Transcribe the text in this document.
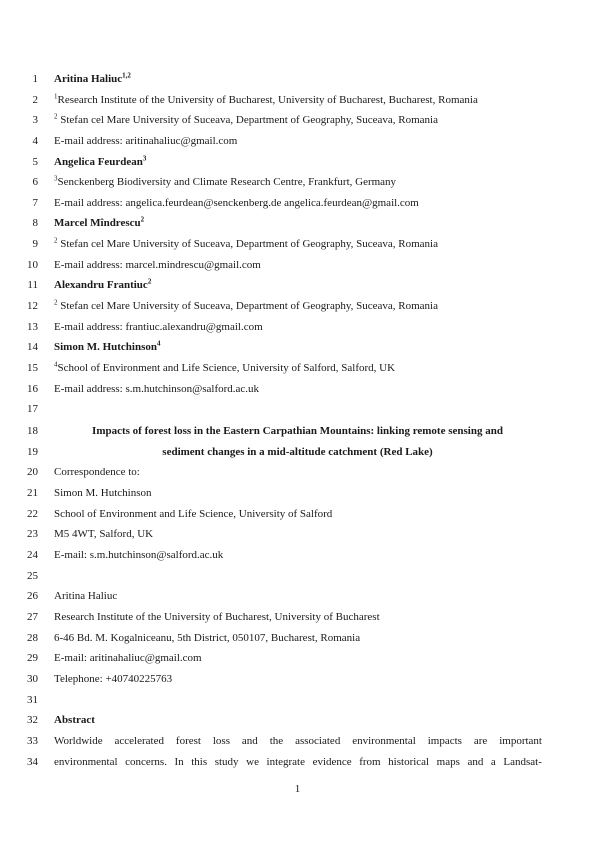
1 Aritina Haliuc$^{1,2}$
2 $^1$Research Institute of the University of Bucharest, University of Bucharest, Bucharest, Romania
3 $^2$ Stefan cel Mare University of Suceava, Department of Geography, Suceava, Romania
4 E-mail address: aritinahaliuc@gmail.com
5 Angelica Feurdean$^3$
6 $^3$Senckenberg Biodiversity and Climate Research Centre, Frankfurt, Germany
7 E-mail address: angelica.feurdean@senckenberg.de angelica.feurdean@gmail.com
8 Marcel Mîndrescu$^2$
9 $^2$ Stefan cel Mare University of Suceava, Department of Geography, Suceava, Romania
10 E-mail address: marcel.mindrescu@gmail.com
11 Alexandru Frantiuc$^2$
12 $^2$ Stefan cel Mare University of Suceava, Department of Geography, Suceava, Romania
13 E-mail address: frantiuc.alexandru@gmail.com
14 Simon M. Hutchinson$^4$
15 $^4$School of Environment and Life Science, University of Salford, Salford, UK
16 E-mail address: s.m.hutchinson@salford.ac.uk
17
18	Impacts of forest loss in the Eastern Carpathian Mountains: linking remote sensing and
19	sediment changes in a mid-altitude catchment (Red Lake)
20 Correspondence to:
21 Simon M. Hutchinson
22 School of Environment and Life Science, University of Salford
23 M5 4WT, Salford, UK
24 E-mail: s.m.hutchinson@salford.ac.uk
25
26 Aritina Haliuc
27 Research Institute of the University of Bucharest, University of Bucharest
28 6-46 Bd. M. Kogalniceanu, 5th District, 050107, Bucharest, Romania
29 E-mail: aritinahaliuc@gmail.com
30 Telephone: +40740225763
31
32 Abstract
33 Worldwide accelerated forest loss and the associated environmental impacts are important
34 environmental concerns. In this study we integrate evidence from historical maps and a Landsat-
1
